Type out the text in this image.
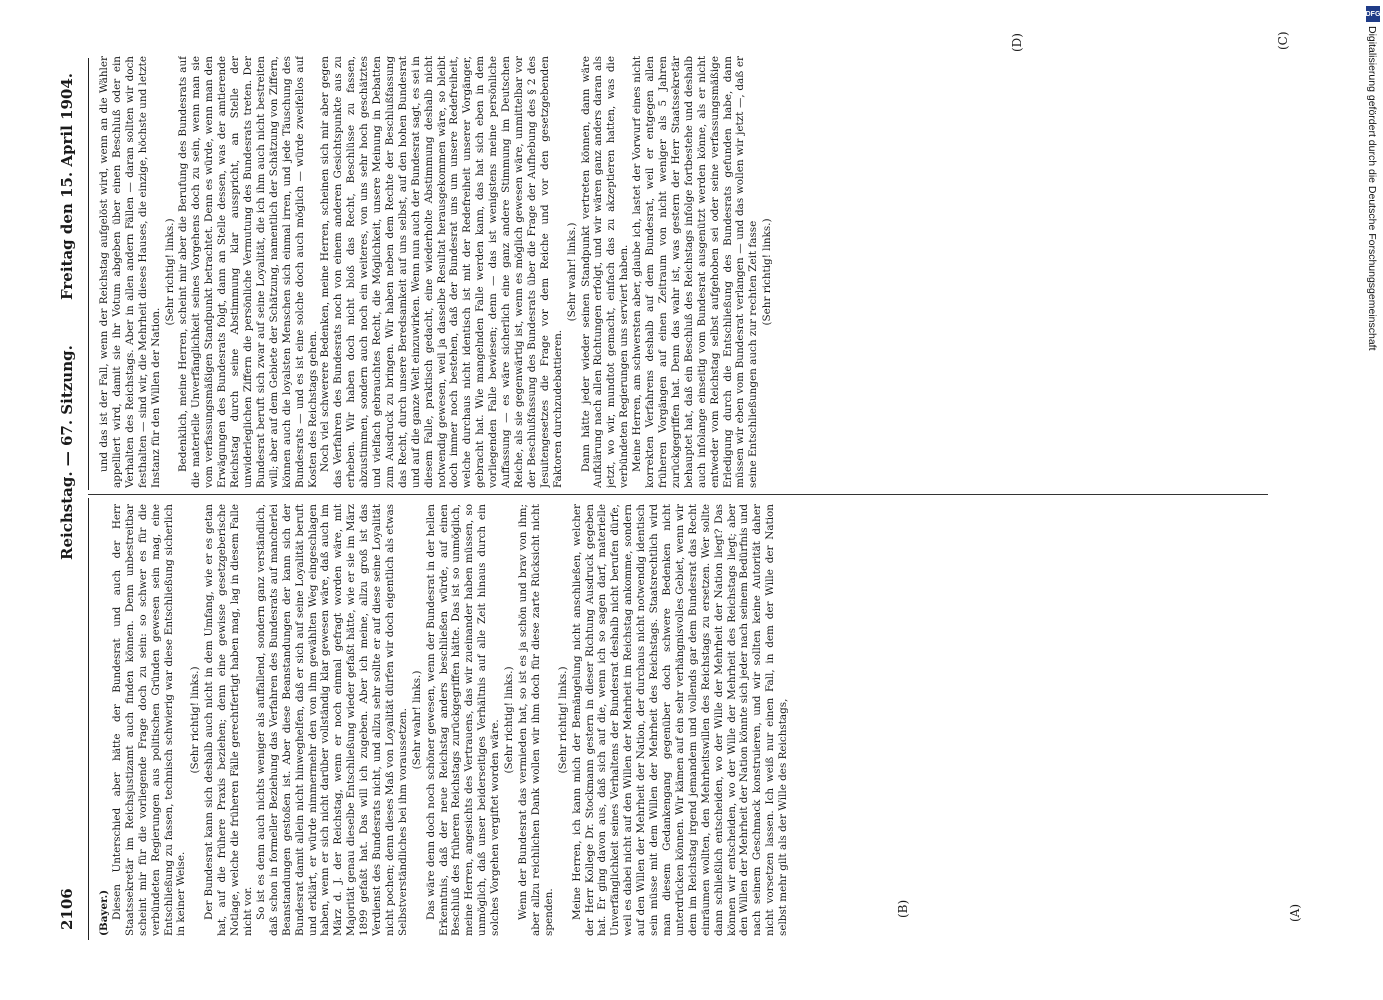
2106
Reichstag. — 67. Sitzung.
Freitag den 15. April 1904.
(A)
(B)
(C)
(D)

(Bayer.) Diesen Unterschied aber hätte der Bundesrat und auch der Herr Staatssekretär im Reichsjustizamt auch finden können. Denn unbestreitbar scheint mir für die vorliegende Frage doch zu sein: so schwer es für die verbündeten Regierungen aus politischen Gründen gewesen sein mag, eine Entschließung zu fassen, technisch schwierig war diese Entschließung sicherlich in keiner Weise.

(Sehr richtig! links.) Der Bundesrat kann sich deshalb auch nicht in dem Umfang, wie er es getan hat, auf die frühere Praxis beziehen; denn eine gewisse gesetzgeberische Notlage, welche die früheren Fälle gerechtfertigt haben mag, lag in diesem Falle nicht vor. So ist es denn auch nichts weniger als auffallend, sondern ganz verständlich, daß schon in formeller Beziehung das Verfahren des Bundesrats auf mancherlei Beanstandungen gestoßen ist. Aber diese Beanstandungen der kann sich der Bundesrat damit allein nicht hinweghelfen, daß er sich auf seine Loyalität beruft und erklärt, er würde nimmermehr den von ihm gewählten Weg eingeschlagen haben, wenn er sich nicht darüber vollständig klar gewesen wäre, daß auch im März d. J. der Reichstag, wenn er noch einmal gefragt worden wäre, mit Majorität genau dieselbe Entschließung wieder gefaßt hätte, wie er sie im März 1899 gefaßt hat. Das will ich zugeben. Aber ich meine, allzu groß ist das Verdienst des Bundesrats nicht, und allzu sehr sollte er auf diese seine Loyalität nicht pochen; denn dieses Maß von Loyalität dürfen wir doch eigentlich als etwas Selbstverständliches bei ihm voraussetzen. (Sehr wahr! links.) Das wäre denn doch noch schöner gewesen, wenn der Bundesrat in der hellen Erkenntnis, daß der neue Reichstag anders beschließen würde, auf einen Beschluß des früheren Reichstags zurückgegriffen hätte. Das ist so unmöglich, meine Herren, angesichts des Vertrauens, das wir zueinander haben müssen, so unmöglich, daß unser beiderseitiges Verhältnis auf alle Zeit hinaus durch ein solches Vorgehen vergiftet worden wäre. (Sehr richtig! links.) Wenn der Bundesrat das vermieden hat, so ist es ja schön und brav von ihm; aber allzu reichlichen Dank wollen wir ihm doch für diese zarte Rücksicht nicht spenden.

(Sehr richtig! links.) Meine Herren, ich kann mich der Bemängelung nicht anschließen, welcher der Herr Kollege Dr. Stockmann gestern in dieser Richtung Ausdruck gegeben hat. Er ging davon aus, daß sich auf die, wenn ich so sagen darf, materielle Unverfänglichkeit seines Verhaltens der Bundesrat deshalb nicht berufen dürfe, weil es dabei nicht auf den Willen der Mehrheit im Reichstag ankomme, sondern auf den Willen der Mehrheit der Nation, der durchaus nicht notwendig identisch sein müsse mit dem Willen der Mehrheit des Reichstags. Staatsrechtlich wird man diesem Gedankengang gegenüber doch schwere Bedenken nicht unterdrücken können. Wir kämen auf ein sehr verhängnisvolles Gebiet, wenn wir dem im Reichstag irgend jemandem und vollends gar dem Bundesrat das Recht einräumen wollten, den Mehrheitswillen des Reichstags zu ersetzen. Wer sollte dann schließlich entscheiden, wo der Wille der Mehrheit der Nation liegt? Das können wir entscheiden, wo der Wille der Mehrheit des Reichstags liegt; aber den Willen der Mehrheit der Nation könnte sich jeder nach seinem Bedürfnis und nach seinem Geschmack konstruieren, und wir sollten keine Autorität daher nicht vorsetzen lassen. Ich weiß nur einen Fall, in dem der Wille der Nation selbst mehr gilt als der Wille des Reichstags,

und das ist der Fall, wenn der Reichstag aufgelöst wird, wenn an die Wähler appelliert wird, damit sie ihr Votum abgeben über einen Beschluß oder ein Verhalten des Reichstags. Aber in allen andern Fällen — daran sollten wir doch festhalten — sind wir, die Mehrheit dieses Hauses, die einzige, höchste und letzte Instanz für den Willen der Nation.

(Sehr richtig! links.) Bedenklich, meine Herren, scheint mir aber die Berufung des Bundesrats auf die materielle Unverfänglichkeit seines Vorgehens doch zu sein, wenn man sie vom verfassungsmäßigen Standpunkt betrachtet. Denn es würde, wenn man den Erwägungen des Bundesrats folgt, dann an Stelle dessen, was der amtierende Reichstag durch seine Abstimmung klar ausspricht, an Stelle der unwiderleglichen Ziffern die persönliche Vermutung des Bundesrats treten. Der Bundesrat beruft sich zwar auf seine Loyalität, die ich ihm auch nicht bestreiten will; aber auf dem Gebiete der Schätzung, namentlich der Schätzung von Ziffern, können auch die loyalsten Menschen sich einmal irren, und jede Täuschung des Bundesrats — und es ist eine solche doch auch möglich — würde zweifellos auf Kosten des Reichstags gehen. Noch viel schwerere Bedenken, meine Herren, scheinen sich mir aber gegen das Verfahren des Bundesrats noch von einem anderen Gesichtspunkte aus zu erheben. Wir haben doch nicht bloß das Recht, Beschlüsse zu fassen, abzustimmen, sondern auch noch ein weiteres, von uns sehr hoch geschätztes und vielfach gebrauchtes Recht, die Möglichkeit, unsere Meinung in Debatten zum Ausdruck zu bringen. Wir haben neben dem Rechte der Beschlußfassung das Recht, durch unsere Beredsamkeit auf uns selbst, auf den hohen Bundesrat und auf die ganze Welt einzuwirken. Wenn nun auch der Bundesrat sagt, es sei in diesem Falle, praktisch gedacht, eine wiederholte Abstimmung deshalb nicht notwendig gewesen, weil ja dasselbe Resultat herausgekommen wäre, so bleibt doch immer noch bestehen, daß der Bundesrat uns um unsere Redefreiheit, welche durchaus nicht identisch ist mit der Redefreiheit unserer Vorgänger, gebracht hat. Wie mangelnden Falle werden kann, das hat sich eben in dem vorliegenden Falle bewiesen; denn — das ist wenigstens meine persönliche Auffassung — es wäre sicherlich eine ganz andere Stimmung im Deutschen Reiche, als sie gegenwärtig ist, wenn es möglich gewesen wäre, unmittelbar vor der Beschlußfassung des Bundesrats über die Frage der Aufhebung des § 2 des Jesuitengesetzes die Frage vor dem Reiche und vor den gesetzgebenden Faktoren durchzudebattieren.

(Sehr wahr! links.) Dann hätte jeder wieder seinen Standpunkt vertreten können, dann wäre Aufklärung nach allen Richtungen erfolgt, und wir wären ganz anders daran als jetzt, wo wir, mundtot gemacht, einfach das zu akzeptieren hatten, was die verbündeten Regierungen uns serviert haben. Meine Herren, am schwersten aber, glaube ich, lastet der Vorwurf eines nicht korrekten Verfahrens deshalb auf dem Bundesrat, weil er entgegen allen früheren Vorgängen auf einen Zeitraum von nicht weniger als 5 Jahren zurückgegriffen hat. Denn das wahr ist, was gestern der Herr Staatssekretär behauptet hat, daß ein Beschluß des Reichstags infolge fortbestehe und deshalb auch infolange einseitig vom Bundesrat ausgenützt werden könne, als er nicht entweder vom Reichstag selbst aufgehoben sei oder seine verfassungsmäßige Erledigung durch die Entschließung des Bundesrats gefunden habe, dann müssen wir eben vom Bundesrat verlangen — und das wollen wir jetzt —, daß er seine Entschließungen auch zur rechten Zeit fasse (Sehr richtig! links.)

DFG
Digitalisierung gefördert durch die Deutsche Forschungsgemeinschaft
